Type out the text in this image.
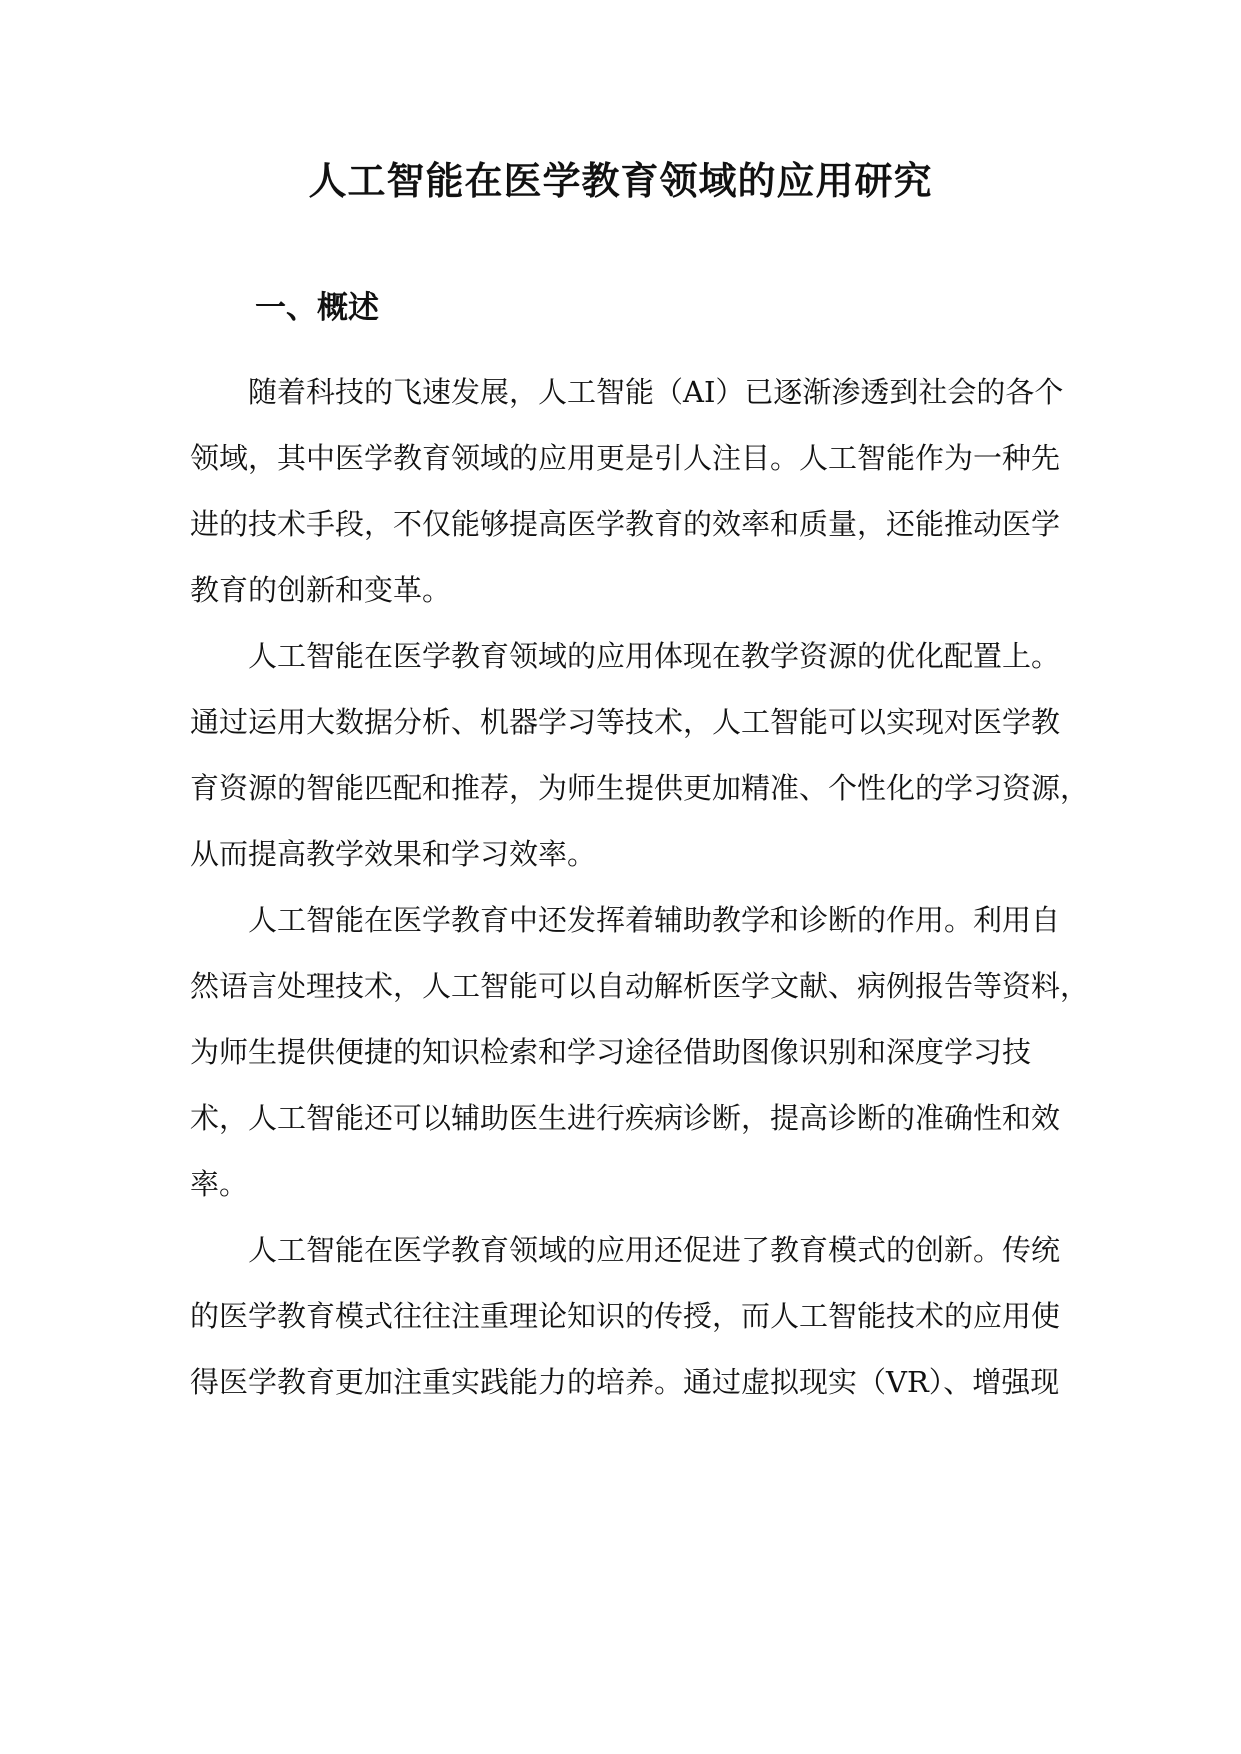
人工智能在医学教育领域的应用研究
一、概述
随着科技的飞速发展，人工智能（AI）已逐渐渗透到社会的各个
领域，其中医学教育领域的应用更是引人注目。人工智能作为一种先
进的技术手段，不仅能够提高医学教育的效率和质量，还能推动医学
教育的创新和变革。
人工智能在医学教育领域的应用体现在教学资源的优化配置上。
通过运用大数据分析、机器学习等技术，人工智能可以实现对医学教
育资源的智能匹配和推荐，为师生提供更加精准、个性化的学习资源，
从而提高教学效果和学习效率。
人工智能在医学教育中还发挥着辅助教学和诊断的作用。利用自
然语言处理技术，人工智能可以自动解析医学文献、病例报告等资料，
为师生提供便捷的知识检索和学习途径借助图像识别和深度学习技
术，人工智能还可以辅助医生进行疾病诊断，提高诊断的准确性和效
率。
人工智能在医学教育领域的应用还促进了教育模式的创新。传统
的医学教育模式往往注重理论知识的传授，而人工智能技术的应用使
得医学教育更加注重实践能力的培养。通过虚拟现实（VR）、增强现
